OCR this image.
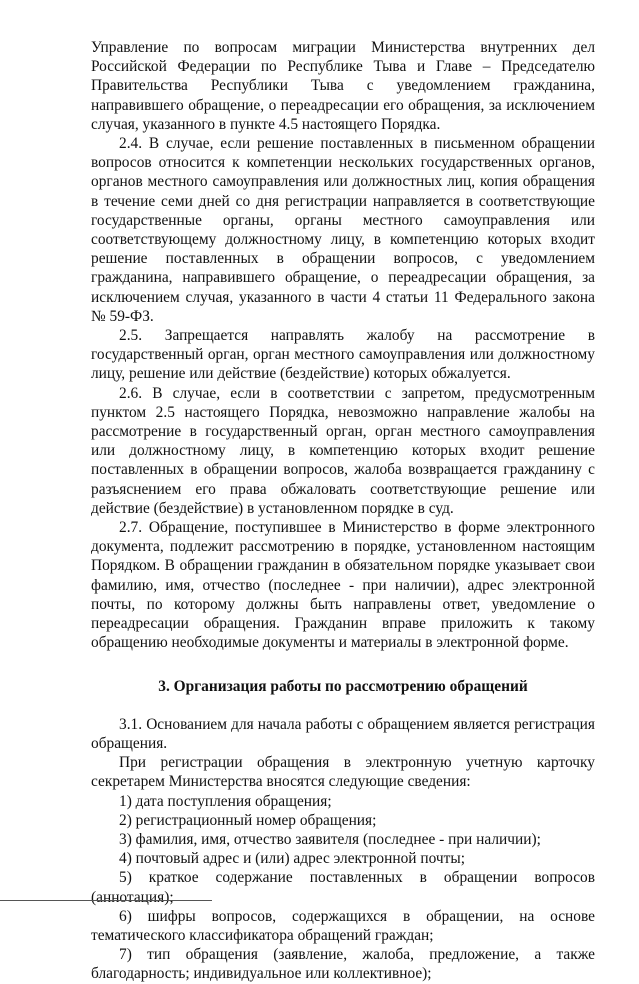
Управление по вопросам миграции Министерства внутренних дел Российской Федерации по Республике Тыва и Главе – Председателю Правительства Республики Тыва с уведомлением гражданина, направившего обращение, о переадресации его обращения, за исключением случая, указанного в пункте 4.5 настоящего Порядка.

2.4. В случае, если решение поставленных в письменном обращении вопросов относится к компетенции нескольких государственных органов, органов местного самоуправления или должностных лиц, копия обращения в течение семи дней со дня регистрации направляется в соответствующие государственные органы, органы местного самоуправления или соответствующему должностному лицу, в компетенцию которых входит решение поставленных в обращении вопросов, с уведомлением гражданина, направившего обращение, о переадресации обращения, за исключением случая, указанного в части 4 статьи 11 Федерального закона № 59-ФЗ.

2.5. Запрещается направлять жалобу на рассмотрение в государственный орган, орган местного самоуправления или должностному лицу, решение или действие (бездействие) которых обжалуется.

2.6. В случае, если в соответствии с запретом, предусмотренным пунктом 2.5 настоящего Порядка, невозможно направление жалобы на рассмотрение в государственный орган, орган местного самоуправления или должностному лицу, в компетенцию которых входит решение поставленных в обращении вопросов, жалоба возвращается гражданину с разъяснением его права обжаловать соответствующие решение или действие (бездействие) в установленном порядке в суд.

2.7. Обращение, поступившее в Министерство в форме электронного документа, подлежит рассмотрению в порядке, установленном настоящим Порядком. В обращении гражданин в обязательном порядке указывает свои фамилию, имя, отчество (последнее - при наличии), адрес электронной почты, по которому должны быть направлены ответ, уведомление о переадресации обращения. Гражданин вправе приложить к такому обращению необходимые документы и материалы в электронной форме.

3. Организация работы по рассмотрению обращений

3.1. Основанием для начала работы с обращением является регистрация обращения.

При регистрации обращения в электронную учетную карточку секретарем Министерства вносятся следующие сведения:

1) дата поступления обращения;

2) регистрационный номер обращения;

3) фамилия, имя, отчество заявителя (последнее - при наличии);

4) почтовый адрес и (или) адрес электронной почты;

5) краткое содержание поставленных в обращении вопросов (аннотация);

6) шифры вопросов, содержащихся в обращении, на основе тематического классификатора обращений граждан;

7) тип обращения (заявление, жалоба, предложение, а также благодарность; индивидуальное или коллективное);
